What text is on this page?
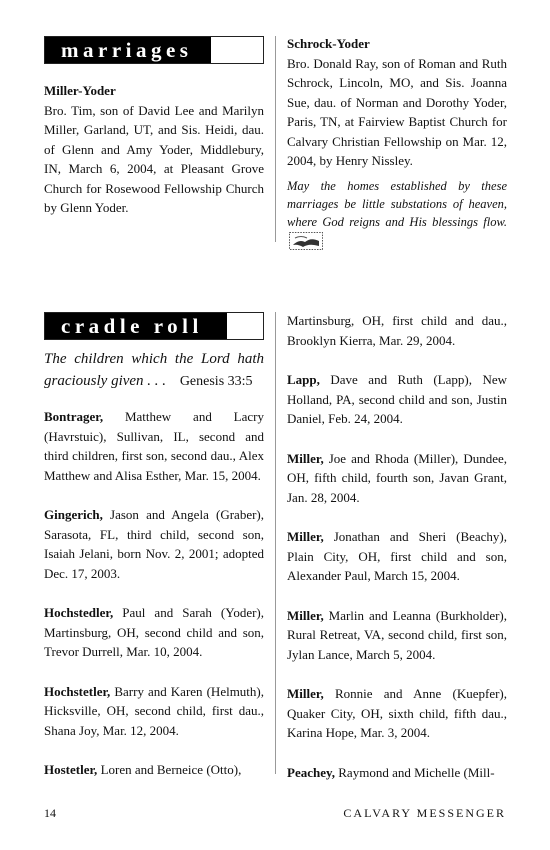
marriages

Miller-Yoder

Bro. Tim, son of David Lee and Marilyn Miller, Garland, UT, and Sis. Heidi, dau. of Glenn and Amy Yoder, Middlebury, IN, March 6, 2004, at Pleasant Grove Church for Rosewood Fellowship Church by Glenn Yoder.

Schrock-Yoder

Bro. Donald Ray, son of Roman and Ruth Schrock, Lincoln, MO, and Sis. Joanna Sue, dau. of Norman and Dorothy Yoder, Paris, TN, at Fairview Baptist Church for Calvary Christian Fellowship on Mar. 12, 2004, by Henry Nissley.

May the homes established by these marriages be little substations of heaven, where God reigns and His blessings flow.

cradle roll

The children which the Lord hath graciously given . . . Genesis 33:5

Bontrager, Matthew and Lacry (Havrstuic), Sullivan, IL, second and third children, first son, second dau., Alex Matthew and Alisa Esther, Mar. 15, 2004.

Gingerich, Jason and Angela (Graber), Sarasota, FL, third child, second son, Isaiah Jelani, born Nov. 2, 2001; adopted Dec. 17, 2003.

Hochstedler, Paul and Sarah (Yoder), Martinsburg, OH, second child and son, Trevor Durrell, Mar. 10, 2004.

Hochstetler, Barry and Karen (Helmuth), Hicksville, OH, second child, first dau., Shana Joy, Mar. 12, 2004.

Hostetler, Loren and Berneice (Otto),

Martinsburg, OH, first child and dau., Brooklyn Kierra, Mar. 29, 2004.

Lapp, Dave and Ruth (Lapp), New Holland, PA, second child and son, Justin Daniel, Feb. 24, 2004.

Miller, Joe and Rhoda (Miller), Dundee, OH, fifth child, fourth son, Javan Grant, Jan. 28, 2004.

Miller, Jonathan and Sheri (Beachy), Plain City, OH, first child and son, Alexander Paul, March 15, 2004.

Miller, Marlin and Leanna (Burkholder), Rural Retreat, VA, second child, first son, Jylan Lance, March 5, 2004.

Miller, Ronnie and Anne (Kuepfer), Quaker City, OH, sixth child, fifth dau., Karina Hope, Mar. 3, 2004.

Peachey, Raymond and Michelle (Mill-

14	CALVARY MESSENGER
